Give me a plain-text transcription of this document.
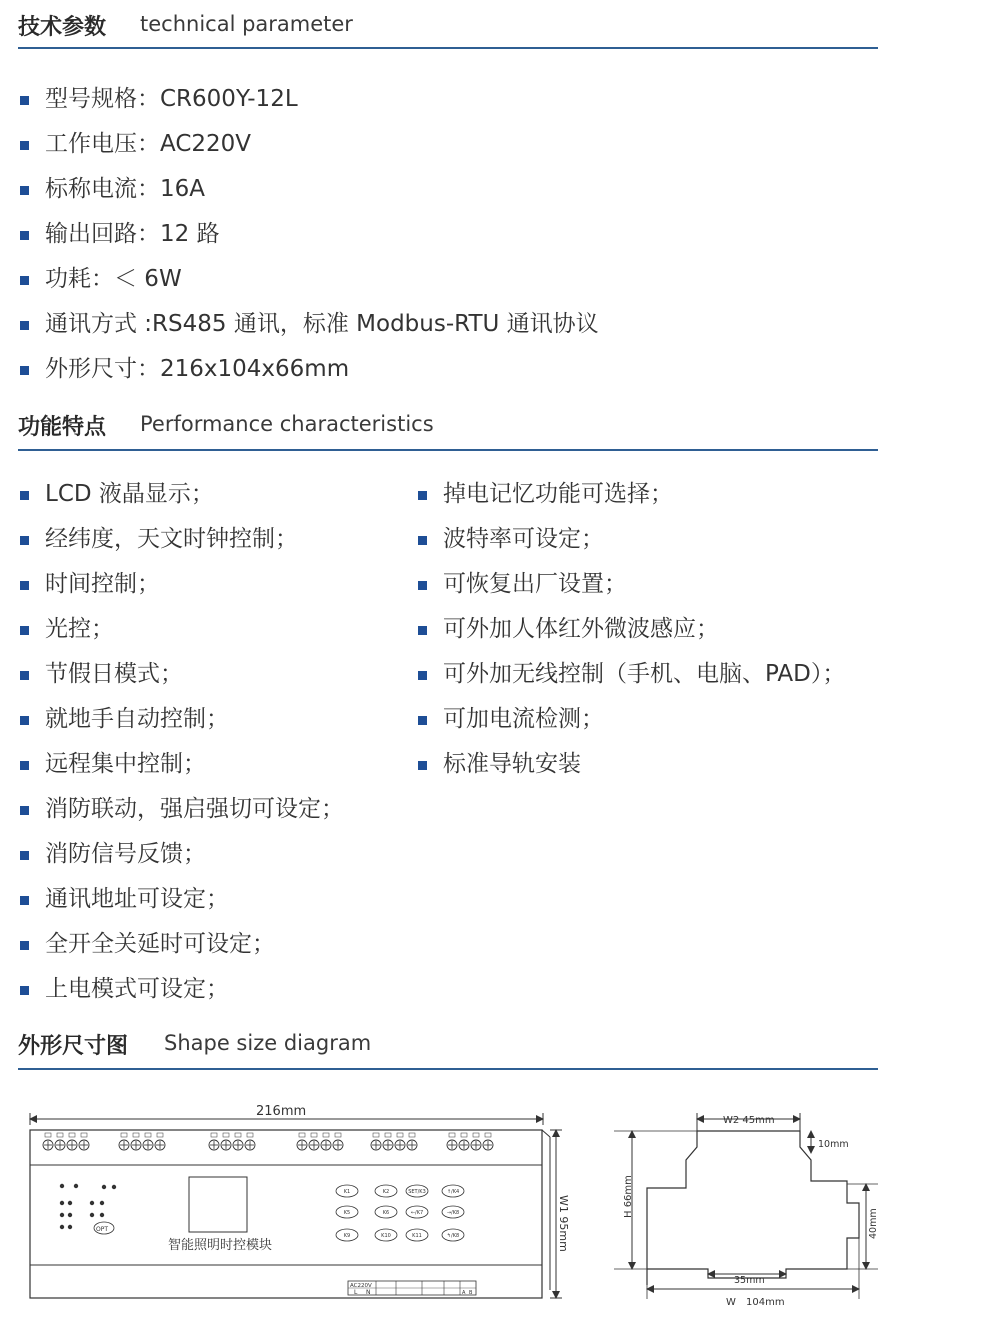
技术参数 technical parameter
型号规格：CR600Y-12L
工作电压：AC220V
标称电流：16A
输出回路：12 路
功耗：＜ 6W
通讯方式 :RS485 通讯，标准 Modbus-RTU 通讯协议
外形尺寸：216x104x66mm
功能特点 Performance characteristics
LCD 液晶显示；
经纬度，天文时钟控制；
时间控制；
光控；
节假日模式；
就地手自动控制；
远程集中控制；
消防联动，强启强切可设定；
消防信号反馈；
通讯地址可设定；
全开全关延时可设定；
上电模式可设定；
掉电记忆功能可选择；
波特率可设定；
可恢复出厂设置；
可外加人体红外微波感应；
可外加无线控制（手机、电脑、PAD）；
可加电流检测；
标准导轨安装
外形尺寸图 Shape size diagram
216mm
OPT
智能照明时控模块
K1	K2	SET/K3	↑/K4
K5	K6	←/K7	→/K8
K9	K10	K11	↰/K8
AC220V
L N	A B
W1 95mm
W2 45mm
10mm
H 66mm
40mm
35mm
W 104mm
